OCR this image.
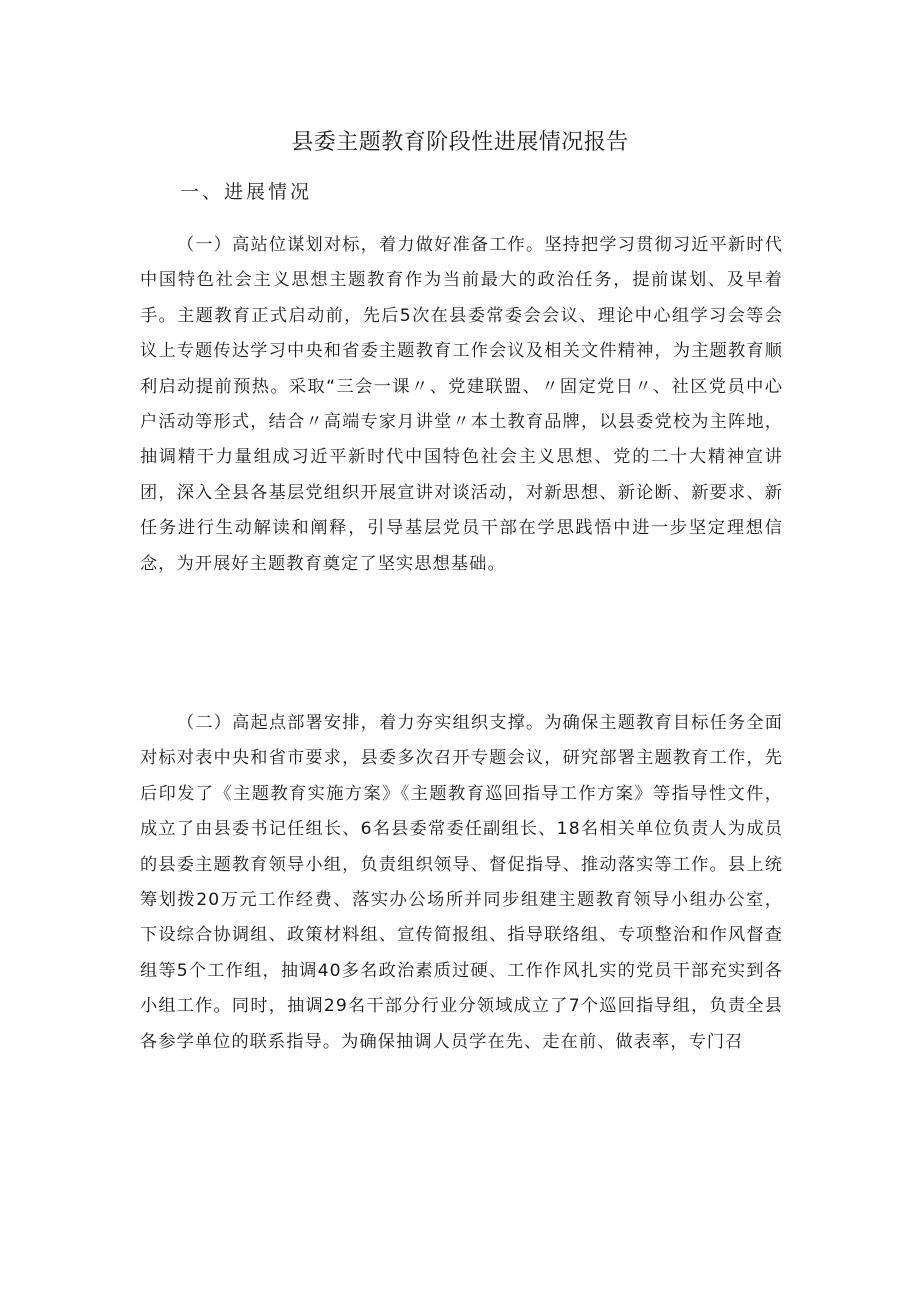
县委主题教育阶段性进展情况报告
一、进展情况

（一）高站位谋划对标，着力做好准备工作。坚持把学习贯彻习近平新时代中国特色社会主义思想主题教育作为当前最大的政治任务，提前谋划、及早着手。主题教育正式启动前，先后5次在县委常委会会议、理论中心组学习会等会议上专题传达学习中央和省委主题教育工作会议及相关文件精神，为主题教育顺利启动提前预热。采取“三会一课〃、党建联盟、〃固定党日〃、社区党员中心户活动等形式，结合〃高端专家月讲堂〃本土教育品牌，以县委党校为主阵地，抽调精干力量组成习近平新时代中国特色社会主义思想、党的二十大精神宣讲团，深入全县各基层党组织开展宣讲对谈活动，对新思想、新论断、新要求、新任务进行生动解读和阐释，引导基层党员干部在学思践悟中进一步坚定理想信念，为开展好主题教育奠定了坚实思想基础。

（二）高起点部署安排，着力夯实组织支撑。为确保主题教育目标任务全面对标对表中央和省市要求，县委多次召开专题会议，研究部署主题教育工作，先后印发了《主题教育实施方案》《主题教育巡回指导工作方案》等指导性文件，成立了由县委书记任组长、6名县委常委任副组长、18名相关单位负责人为成员的县委主题教育领导小组，负责组织领导、督促指导、推动落实等工作。县上统筹划拨20万元工作经费、落实办公场所并同步组建主题教育领导小组办公室，下设综合协调组、政策材料组、宣传简报组、指导联络组、专项整治和作风督查组等5个工作组，抽调40多名政治素质过硬、工作作风扎实的党员干部充实到各小组工作。同时，抽调29名干部分行业分领域成立了7个巡回指导组，负责全县各参学单位的联系指导。为确保抽调人员学在先、走在前、做表率，专门召
